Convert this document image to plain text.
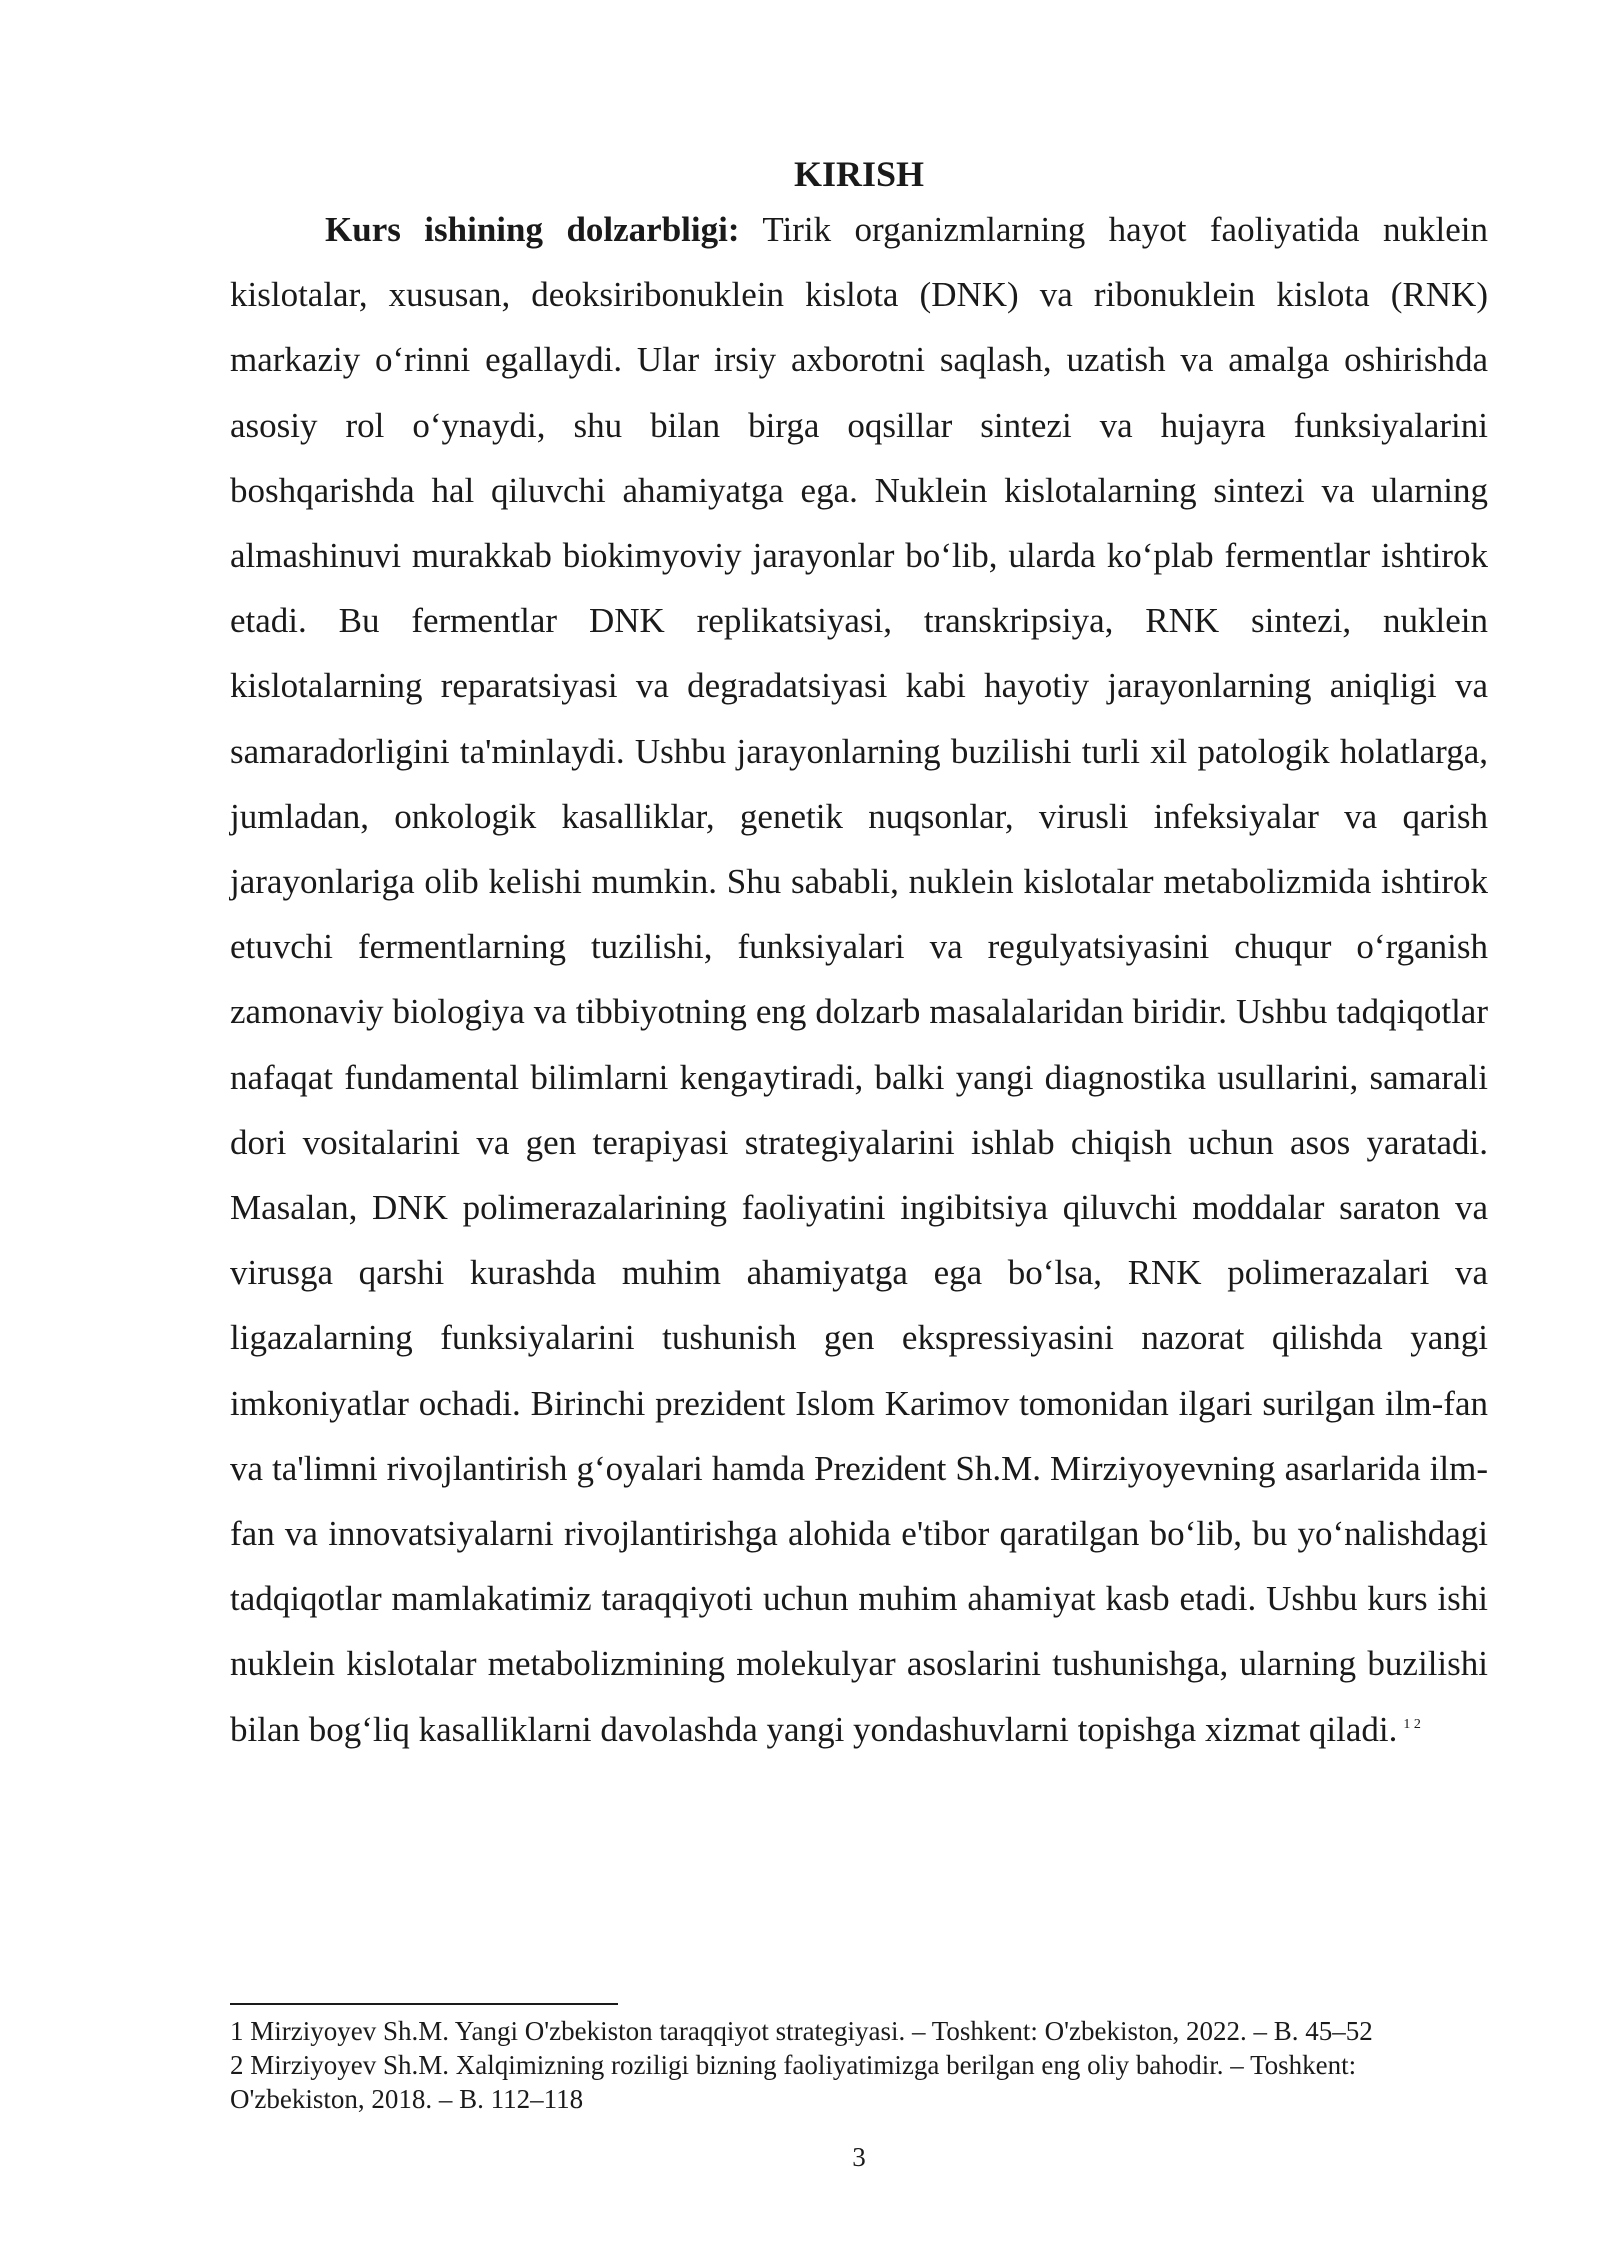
KIRISH

Kurs ishining dolzarbligi: Tirik organizmlarning hayot faoliyatida nuklein kislotalar, xususan, deoksiribonuklein kislota (DNK) va ribonuklein kislota (RNK) markaziy o‘rinni egallaydi. Ular irsiy axborotni saqlash, uzatish va amalga oshirishda asosiy rol o‘ynaydi, shu bilan birga oqsillar sintezi va hujayra funksiyalarini boshqarishda hal qiluvchi ahamiyatga ega. Nuklein kislotalarning sintezi va ularning almashinuvi murakkab biokimyoviy jarayonlar bo‘lib, ularda ko‘plab fermentlar ishtirok etadi. Bu fermentlar DNK replikatsiyasi, transkripsiya, RNK sintezi, nuklein kislotalarning reparatsiyasi va degradatsiyasi kabi hayotiy jarayonlarning aniqligi va samaradorligini ta'minlaydi. Ushbu jarayonlarning buzilishi turli xil patologik holatlarga, jumladan, onkologik kasalliklar, genetik nuqsonlar, virusli infeksiyalar va qarish jarayonlariga olib kelishi mumkin. Shu sababli, nuklein kislotalar metabolizmida ishtirok etuvchi fermentlarning tuzilishi, funksiyalari va regulyatsiyasini chuqur o‘rganish zamonaviy biologiya va tibbiyotning eng dolzarb masalalaridan biridir. Ushbu tadqiqotlar nafaqat fundamental bilimlarni kengaytiradi, balki yangi diagnostika usullarini, samarali dori vositalarini va gen terapiyasi strategiyalarini ishlab chiqish uchun asos yaratadi. Masalan, DNK polimerazalarining faoliyatini ingibitsiya qiluvchi moddalar saraton va virusga qarshi kurashda muhim ahamiyatga ega bo‘lsa, RNK polimerazalari va ligazalarning funksiyalarini tushunish gen ekspressiyasini nazorat qilishda yangi imkoniyatlar ochadi. Birinchi prezident Islom Karimov tomonidan ilgari surilgan ilm-fan va ta'limni rivojlantirish g‘oyalari hamda Prezident Sh.M. Mirziyoyevning asarlarida ilm-fan va innovatsiyalarni rivojlantirishga alohida e'tibor qaratilgan bo‘lib, bu yo‘nalishdagi tadqiqotlar mamlakatimiz taraqqiyoti uchun muhim ahamiyat kasb etadi. Ushbu kurs ishi nuklein kislotalar metabolizmining molekulyar asoslarini tushunishga, ularning buzilishi bilan bog‘liq kasalliklarni davolashda yangi yondashuvlarni topishga xizmat qiladi. $^{1 2}$

1 Mirziyoyev Sh.M. Yangi O'zbekiston taraqqiyot strategiyasi. – Toshkent: O'zbekiston, 2022. – B. 45–52

2 Mirziyoyev Sh.M. Xalqimizning roziligi bizning faoliyatimizga berilgan eng oliy bahodir. – Toshkent: O'zbekiston, 2018. – B. 112–118

3
